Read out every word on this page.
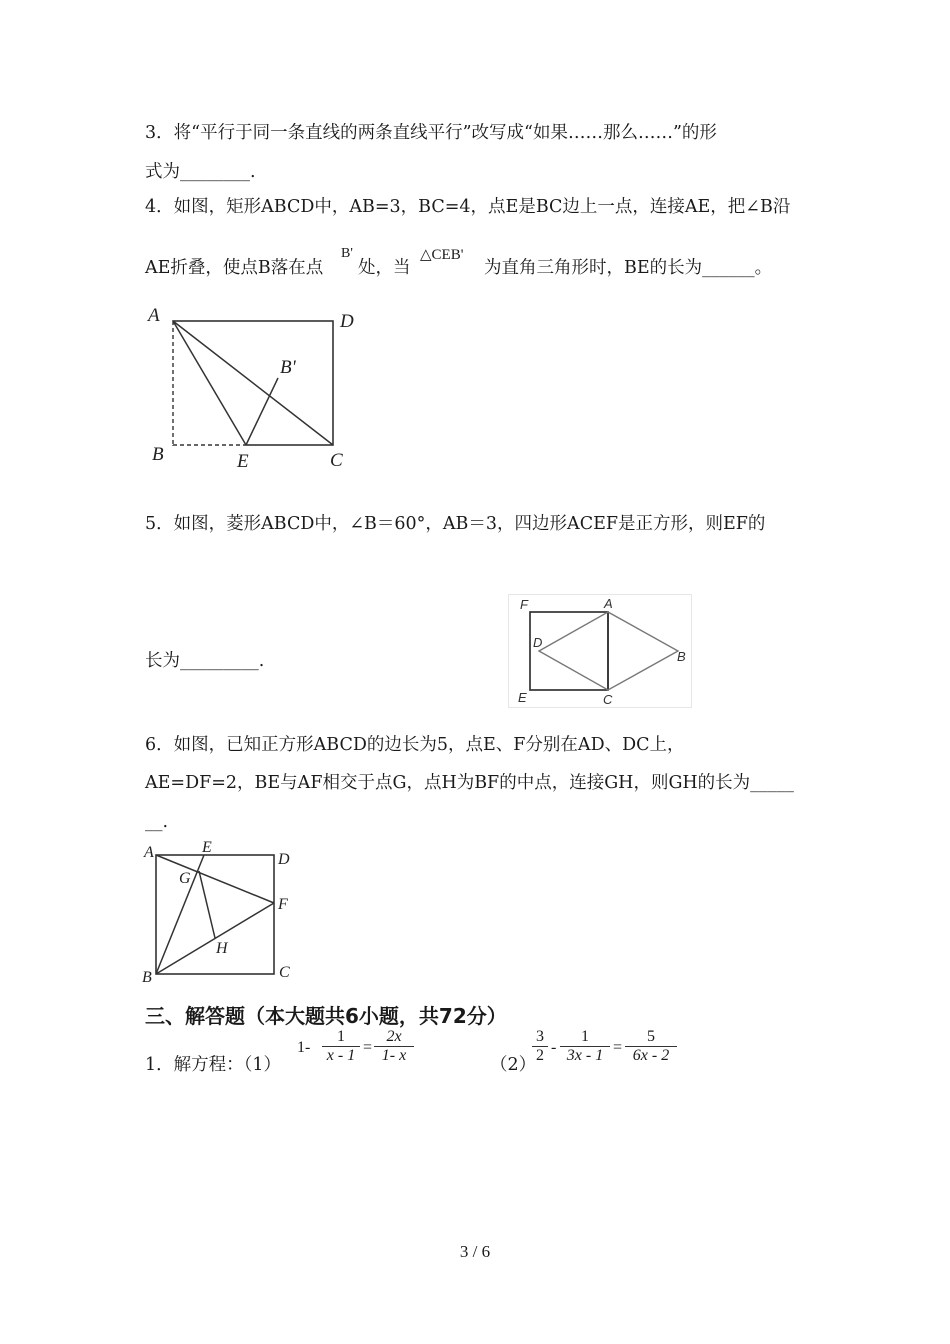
3．将“平行于同一条直线的两条直线平行”改写成“如果……那么……”的形
式为________.
4．如图，矩形ABCD中，AB=3，BC=4，点E是BC边上一点，连接AE，把∠B沿
AE折叠，使点B落在点
B'
处，当
△CEB'
为直角三角形时，BE的长为______。
A	D
B'
B	E	C
5．如图，菱形ABCD中，∠B＝60°，AB＝3，四边形ACEF是正方形，则EF的
长为_________.
F	A
D
B
E	C
6．如图，已知正方形ABCD的边长为5，点E、F分别在AD、DC上，
AE=DF=2，BE与AF相交于点G，点H为BF的中点，连接GH，则GH的长为_____
__.
A	E
D
G
F
H
B	C
三、解答题（本大题共6小题，共72分）
1．解方程：（1）
$1- \frac{1}{x - 1} = \frac{2x}{1- x}$	（2）
$\frac{3}{2} - \frac{1}{3x - 1} = \frac{5}{6x - 2}$
3 / 6
